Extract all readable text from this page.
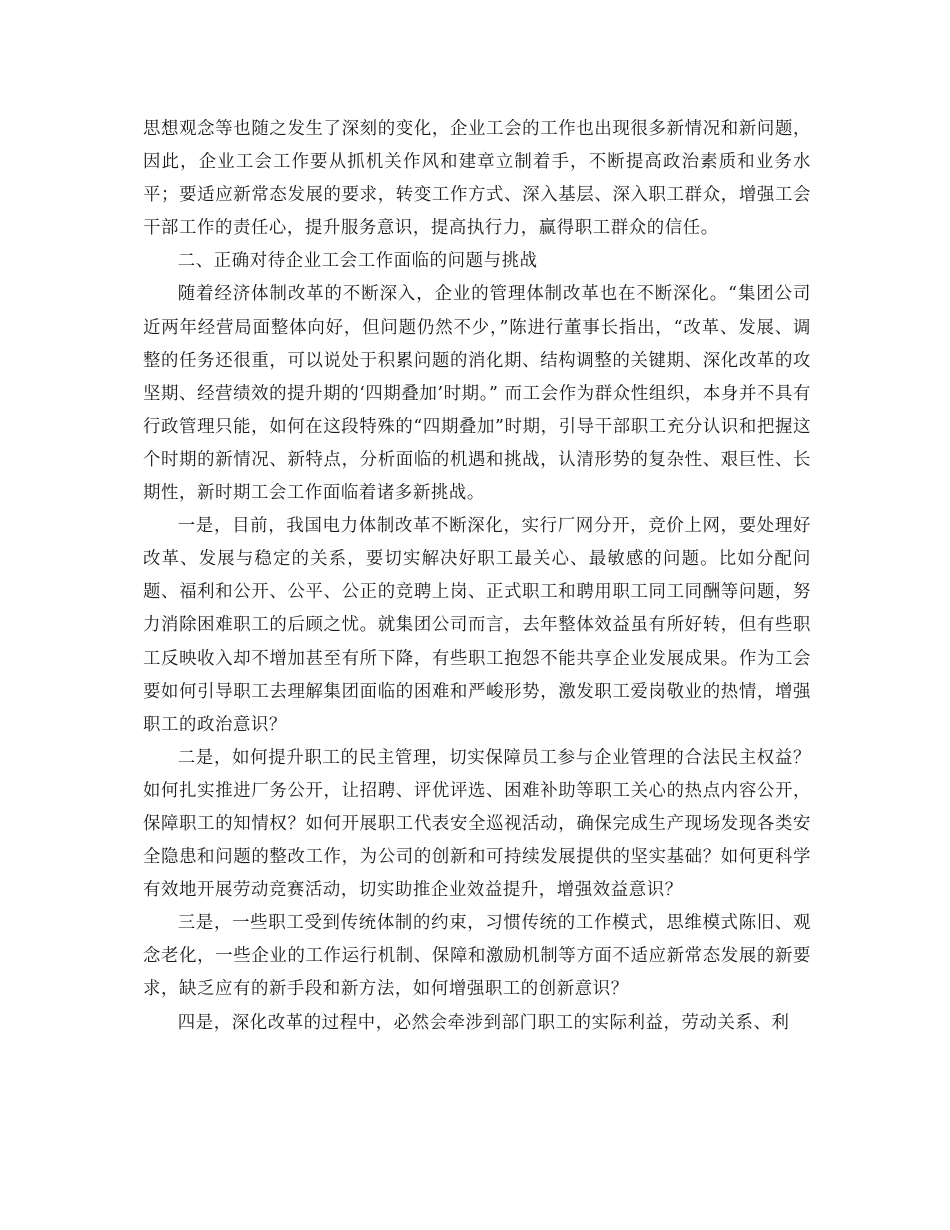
思想观念等也随之发生了深刻的变化，企业工会的工作也出现很多新情况和新问题，因此，企业工会工作要从抓机关作风和建章立制着手，不断提高政治素质和业务水平；要适应新常态发展的要求，转变工作方式、深入基层、深入职工群众，增强工会干部工作的责任心，提升服务意识，提高执行力，赢得职工群众的信任。

二、正确对待企业工会工作面临的问题与挑战

随着经济体制改革的不断深入，企业的管理体制改革也在不断深化。“集团公司近两年经营局面整体向好，但问题仍然不少，”陈进行董事长指出，“改革、发展、调整的任务还很重，可以说处于积累问题的消化期、结构调整的关键期、深化改革的攻坚期、经营绩效的提升期的‘四期叠加’时期。” 而工会作为群众性组织，本身并不具有行政管理只能，如何在这段特殊的“四期叠加”时期，引导干部职工充分认识和把握这个时期的新情况、新特点，分析面临的机遇和挑战，认清形势的复杂性、艰巨性、长期性，新时期工会工作面临着诸多新挑战。

一是，目前，我国电力体制改革不断深化，实行厂网分开，竞价上网，要处理好改革、发展与稳定的关系，要切实解决好职工最关心、最敏感的问题。比如分配问题、福利和公开、公平、公正的竞聘上岗、正式职工和聘用职工同工同酬等问题，努力消除困难职工的后顾之忧。就集团公司而言，去年整体效益虽有所好转，但有些职工反映收入却不增加甚至有所下降，有些职工抱怨不能共享企业发展成果。作为工会要如何引导职工去理解集团面临的困难和严峻形势，激发职工爱岗敬业的热情，增强职工的政治意识？

二是，如何提升职工的民主管理，切实保障员工参与企业管理的合法民主权益？如何扎实推进厂务公开，让招聘、评优评选、困难补助等职工关心的热点内容公开，保障职工的知情权？如何开展职工代表安全巡视活动，确保完成生产现场发现各类安全隐患和问题的整改工作，为公司的创新和可持续发展提供的坚实基础？如何更科学有效地开展劳动竞赛活动，切实助推企业效益提升，增强效益意识？

三是，一些职工受到传统体制的约束，习惯传统的工作模式，思维模式陈旧、观念老化，一些企业的工作运行机制、保障和激励机制等方面不适应新常态发展的新要求，缺乏应有的新手段和新方法，如何增强职工的创新意识？

四是，深化改革的过程中，必然会牵涉到部门职工的实际利益，劳动关系、利
